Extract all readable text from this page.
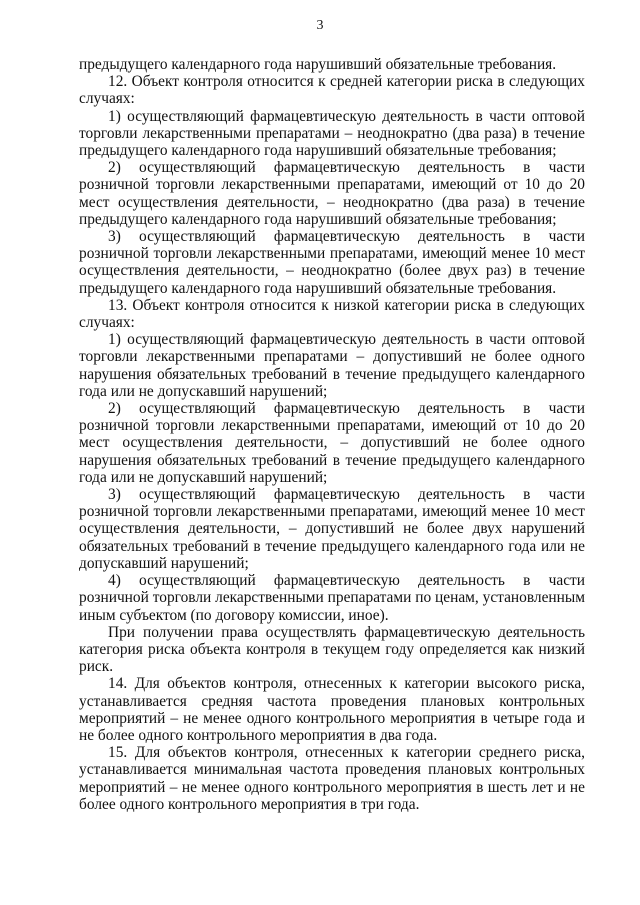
3

предыдущего календарного года нарушивший обязательные требования.

12. Объект контроля относится к средней категории риска в следующих случаях:

1) осуществляющий фармацевтическую деятельность в части оптовой торговли лекарственными препаратами – неоднократно (два раза) в течение предыдущего календарного года нарушивший обязательные требования;

2) осуществляющий фармацевтическую деятельность в части розничной торговли лекарственными препаратами, имеющий от 10 до 20 мест осуществления деятельности, – неоднократно (два раза) в течение предыдущего календарного года нарушивший обязательные требования;

3) осуществляющий фармацевтическую деятельность в части розничной торговли лекарственными препаратами, имеющий менее 10 мест осуществления деятельности, – неоднократно (более двух раз) в течение предыдущего календарного года нарушивший обязательные требования.

13. Объект контроля относится к низкой категории риска в следующих случаях:

1) осуществляющий фармацевтическую деятельность в части оптовой торговли лекарственными препаратами – допустивший не более одного нарушения обязательных требований в течение предыдущего календарного года или не допускавший нарушений;

2) осуществляющий фармацевтическую деятельность в части розничной торговли лекарственными препаратами, имеющий от 10 до 20 мест осуществления деятельности, – допустивший не более одного нарушения обязательных требований в течение предыдущего календарного года или не допускавший нарушений;

3) осуществляющий фармацевтическую деятельность в части розничной торговли лекарственными препаратами, имеющий менее 10 мест осуществления деятельности, – допустивший не более двух нарушений обязательных требований в течение предыдущего календарного года или не допускавший нарушений;

4) осуществляющий фармацевтическую деятельность в части розничной торговли лекарственными препаратами по ценам, установленным иным субъектом (по договору комиссии, иное).

При получении права осуществлять фармацевтическую деятельность категория риска объекта контроля в текущем году определяется как низкий риск.

14. Для объектов контроля, отнесенных к категории высокого риска, устанавливается средняя частота проведения плановых контрольных мероприятий – не менее одного контрольного мероприятия в четыре года и не более одного контрольного мероприятия в два года.

15. Для объектов контроля, отнесенных к категории среднего риска, устанавливается минимальная частота проведения плановых контрольных мероприятий – не менее одного контрольного мероприятия в шесть лет и не более одного контрольного мероприятия в три года.
